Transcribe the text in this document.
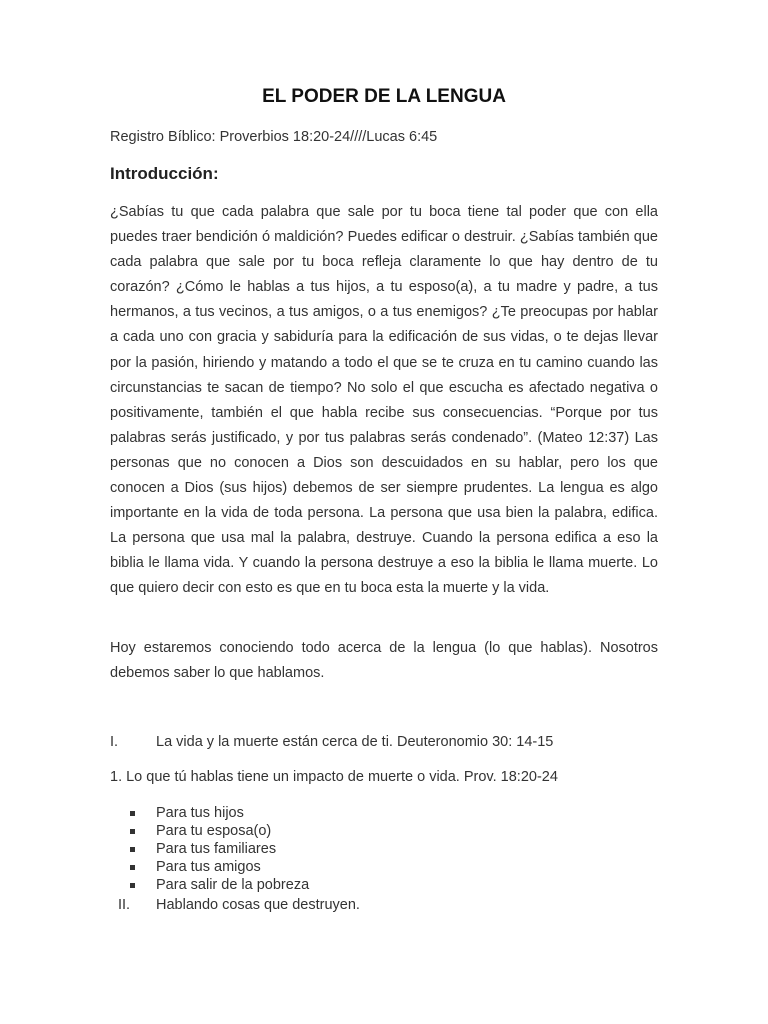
EL PODER DE LA LENGUA
Registro Bíblico: Proverbios 18:20-24////Lucas 6:45
Introducción:
¿Sabías tu que cada palabra que sale por tu boca tiene tal poder que con ella puedes traer bendición ó maldición? Puedes edificar o destruir. ¿Sabías también que cada palabra que sale por tu boca refleja claramente lo que hay dentro de tu corazón? ¿Cómo le hablas a tus hijos, a tu esposo(a), a tu madre y padre, a tus hermanos, a tus vecinos, a tus amigos, o a tus enemigos? ¿Te preocupas por hablar a cada uno con gracia y sabiduría para la edificación de sus vidas, o te dejas llevar por la pasión, hiriendo y matando a todo el que se te cruza en tu camino cuando las circunstancias te sacan de tiempo? No solo el que escucha es afectado negativa o positivamente, también el que habla recibe sus consecuencias. “Porque por tus palabras serás justificado, y por tus palabras serás condenado”. (Mateo 12:37) Las personas que no conocen a Dios son descuidados en su hablar, pero los que conocen a Dios (sus hijos) debemos de ser siempre prudentes. La lengua es algo importante en la vida de toda persona. La persona que usa bien la palabra, edifica. La persona que usa mal la palabra, destruye. Cuando la persona edifica a eso la biblia le llama vida. Y cuando la persona destruye a eso la biblia le llama muerte. Lo que quiero decir con esto es que en tu boca esta la muerte y la vida.
Hoy estaremos conociendo todo acerca de la lengua (lo que hablas). Nosotros debemos saber lo que hablamos.
I.	La vida y la muerte están cerca de ti. Deuteronomio 30: 14-15
1. Lo que tú hablas tiene un impacto de muerte o vida. Prov. 18:20-24
Para tus hijos
Para tu esposa(o)
Para tus familiares
Para tus amigos
Para salir de la pobreza
II. Hablando cosas que destruyen.
